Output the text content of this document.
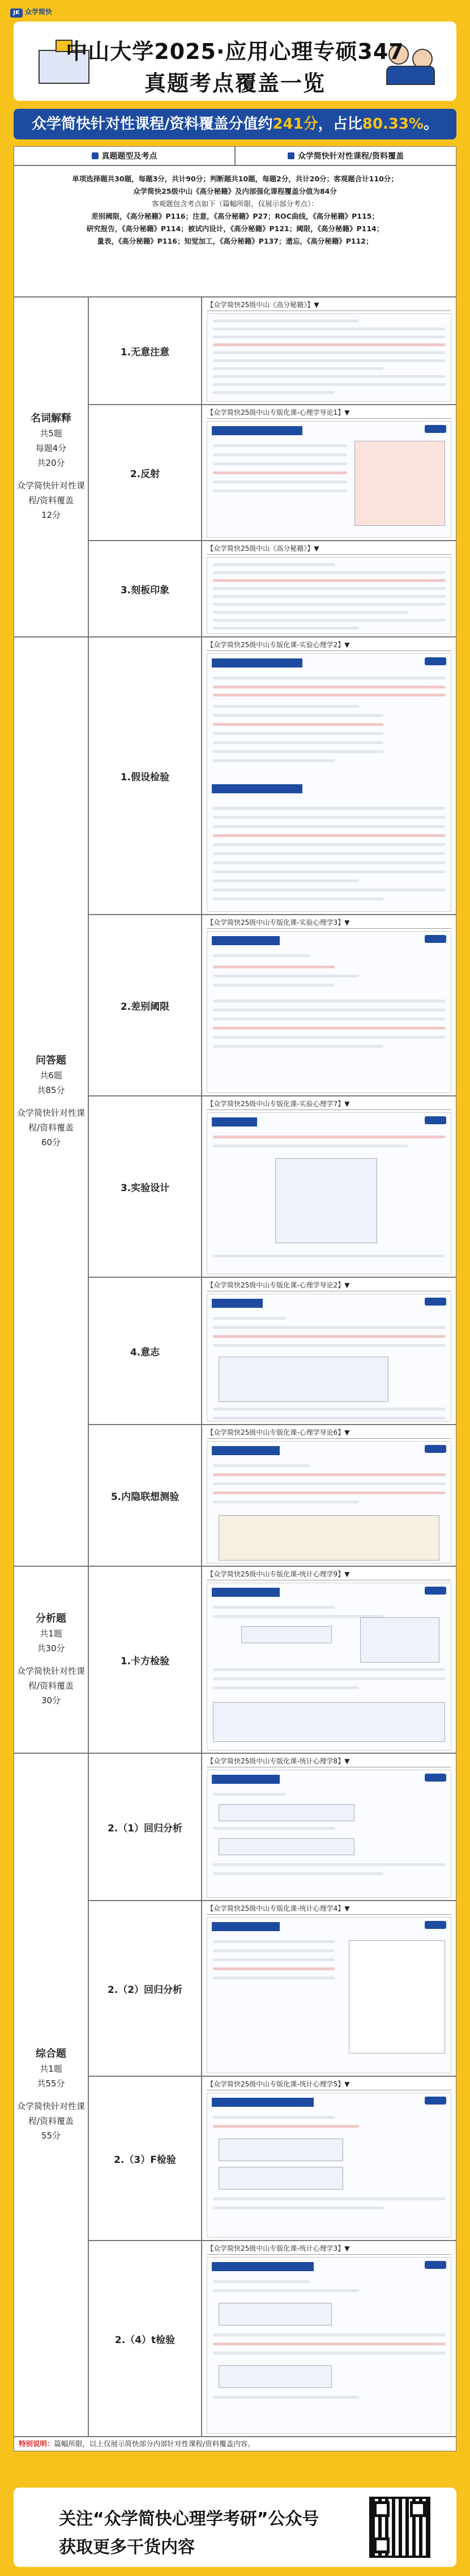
JK 众学简快
中山大学2025·应用心理专硕347
真题考点覆盖一览
众学简快针对性课程/资料覆盖分值约241分，占比80.33%。
真题题型及考点	众学简快针对性课程/资料覆盖

单项选择题共30题，每题3分，共计90分；判断题共10题，每题2分，共计20分；客观题合计110分；

众学简快25级中山《高分秘籍》及内部强化课程覆盖分值为84分

客观题包含考点如下（篇幅所限，仅展示部分考点）：

差别阈限，《高分秘籍》P116；注意，《高分秘籍》P27；ROC曲线，《高分秘籍》P115；

研究报告，《高分秘籍》P114；被试内设计，《高分秘籍》P121；阈限，《高分秘籍》P114；

量表，《高分秘籍》P116；知觉加工，《高分秘籍》P137；遗忘，《高分秘籍》P112；

名词解释
共5题
每题4分
共20分
众学简快针对性课程/资料覆盖
12分
问答题
共6题
共85分
众学简快针对性课程/资料覆盖
60分
分析题
共1题
共30分
众学简快针对性课程/资料覆盖
30分
综合题
共1题
共55分
众学简快针对性课程/资料覆盖
55分
1.无意注意
【众学简快25级中山《高分秘籍》】▼
2.反射
【众学简快25级中山专版化课-心理学导论1】▼
3.刻板印象
【众学简快25级中山《高分秘籍》】▼
1.假设检验
【众学简快25级中山专版化课-实验心理学2】▼
2.差别阈限
【众学简快25级中山专版化课-实验心理学3】▼
3.实验设计
【众学简快25级中山专版化课-实验心理学7】▼
4.意志
【众学简快25级中山专版化课-心理学导论2】▼
5.内隐联想测验
【众学简快25级中山专版化课-心理学导论6】▼
1.卡方检验
【众学简快25级中山专版化课-统计心理学9】▼
2.（1）回归分析
【众学简快25级中山专版化课-统计心理学8】▼
2.（2）回归分析
【众学简快25级中山专版化课-统计心理学4】▼
2.（3）F检验
【众学简快25级中山专版化课-统计心理学5】▼
2.（4）t检验
【众学简快25级中山专版化课-统计心理学3】▼
特别说明：篇幅所限，以上仅展示简快部分内部针对性课程/资料覆盖内容。
关注“众学简快心理学考研”公众号
获取更多干货内容
